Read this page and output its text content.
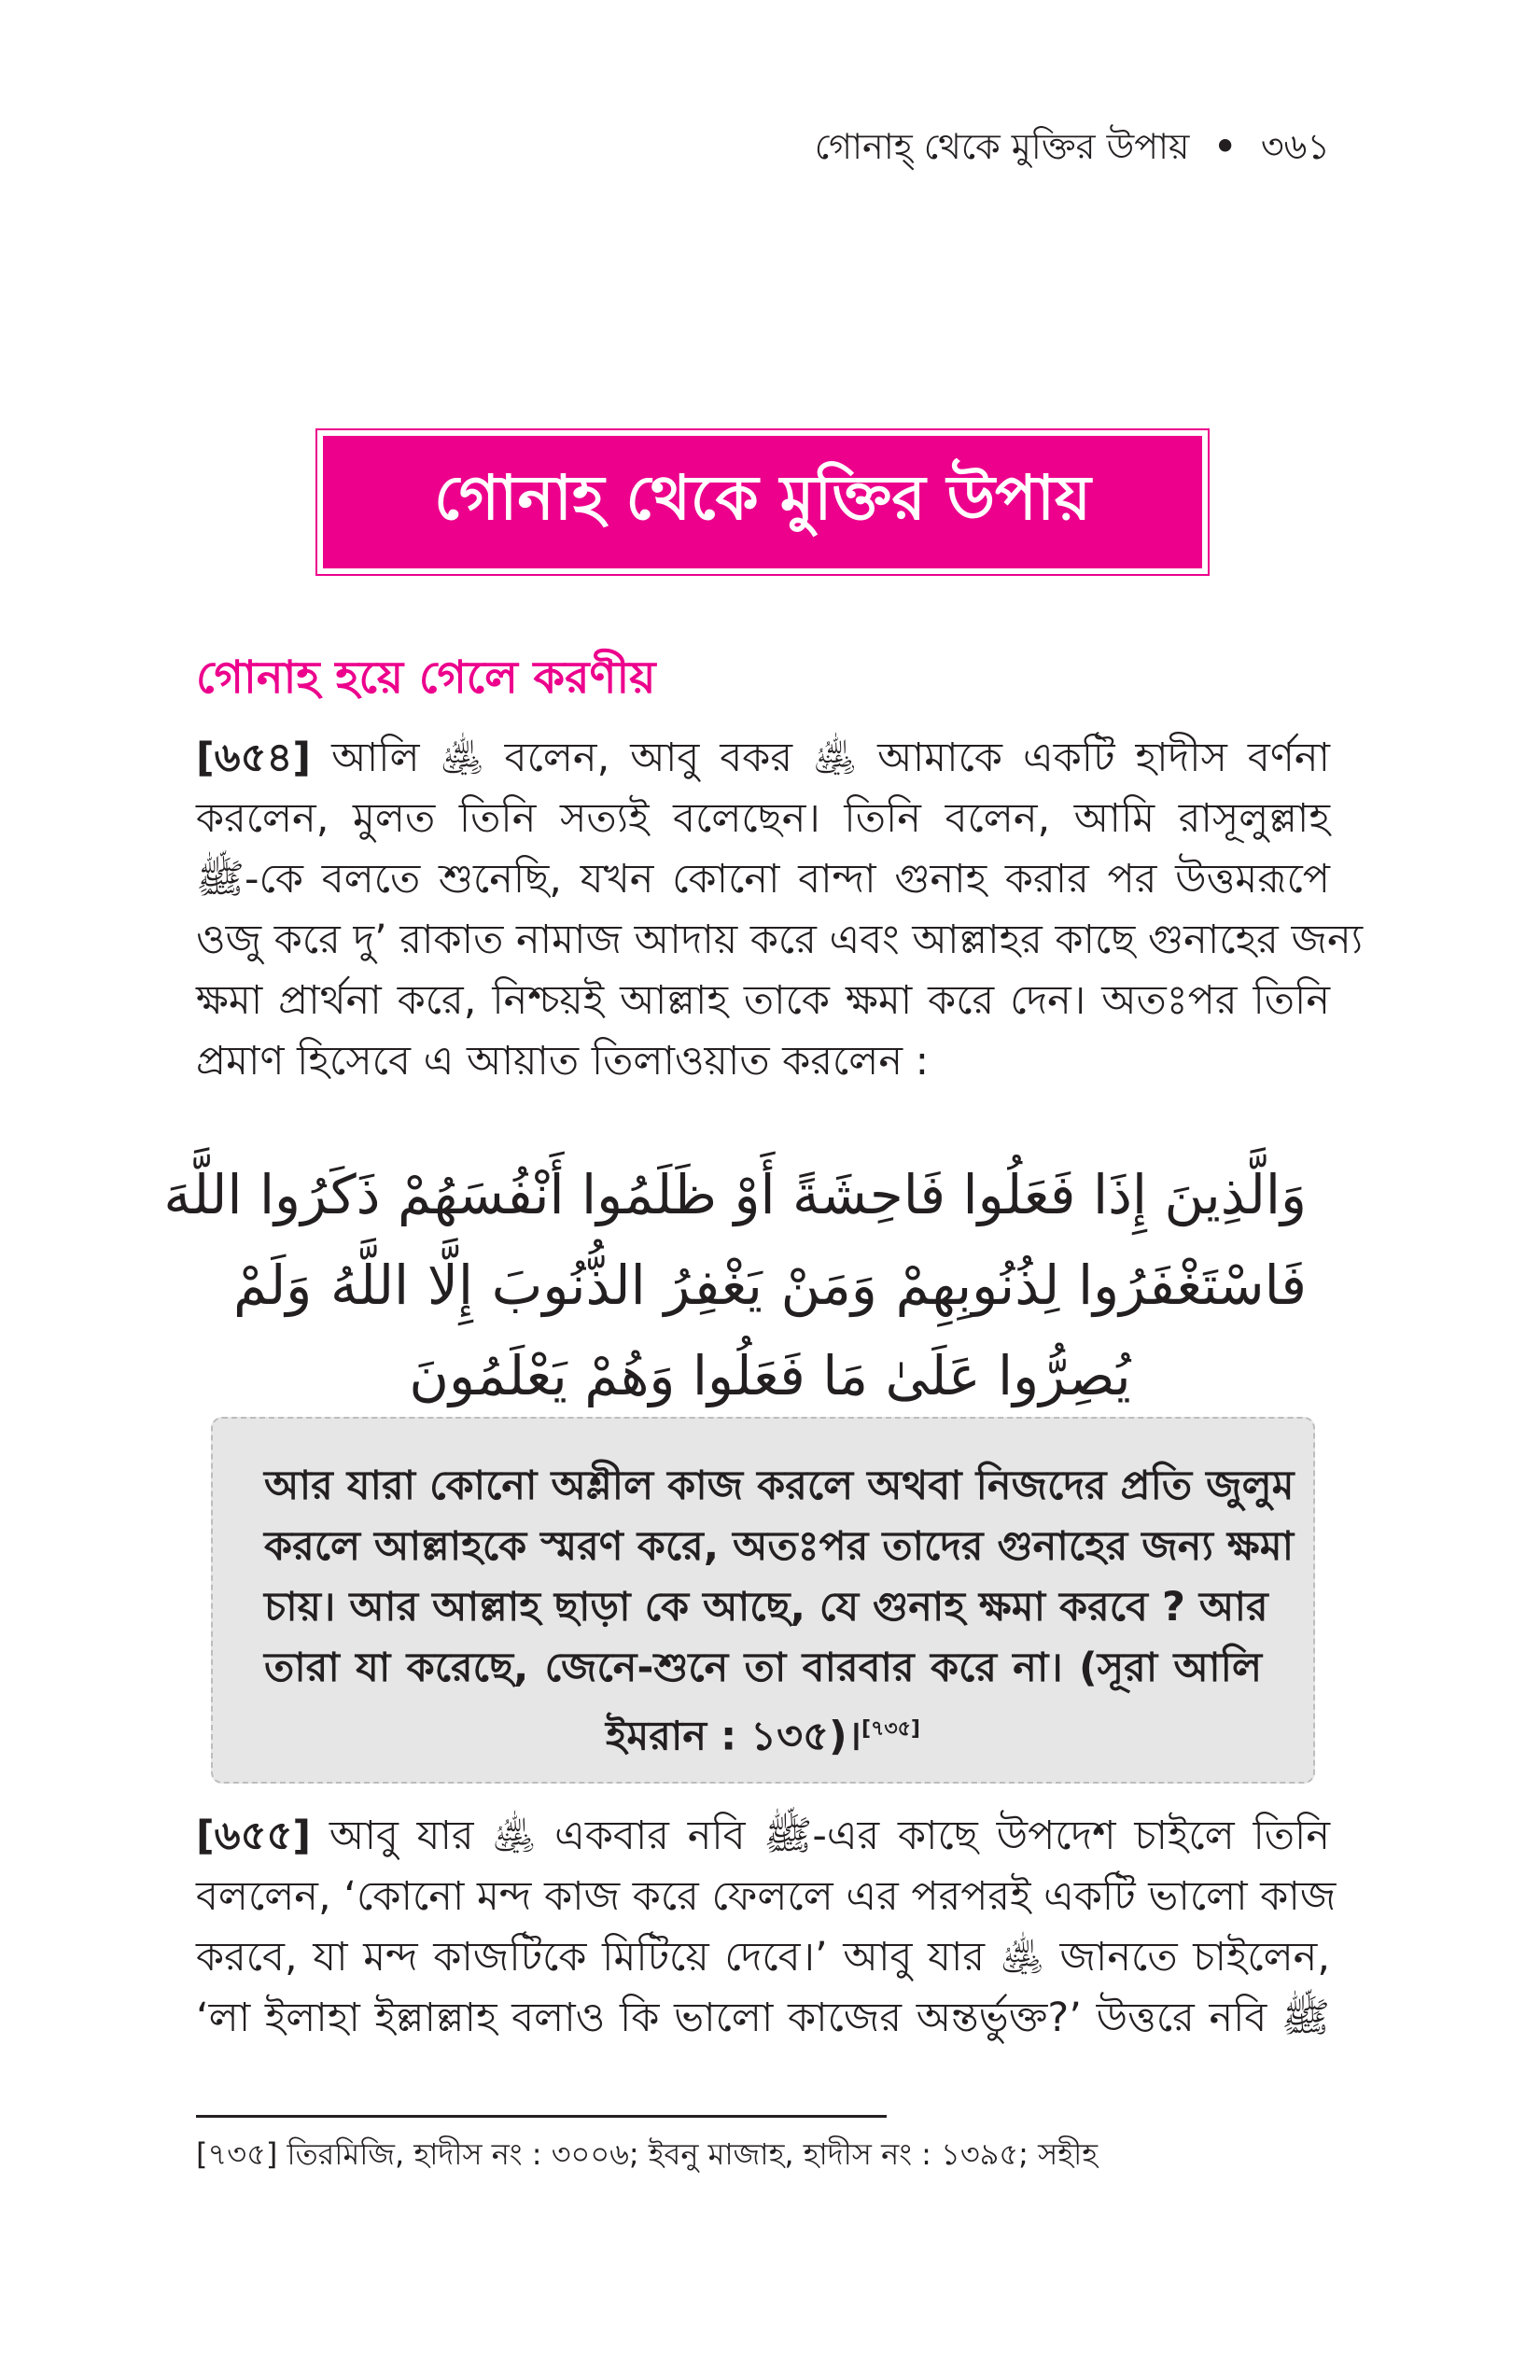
গোনাহ্ থেকে মুক্তির উপায় • ৩৬১
গোনাহ থেকে মুক্তির উপায়
গোনাহ হয়ে গেলে করণীয়
[৬৫৪] আলি ﵁ বলেন, আবু বকর ﵁ আমাকে একটি হাদীস বর্ণনা
করলেন, মুলত তিনি সত্যই বলেছেন। তিনি বলেন, আমি রাসূলুল্লাহ
ﷺ-কে বলতে শুনেছি, যখন কোনো বান্দা গুনাহ করার পর উত্তমরূপে
ওজু করে দু’ রাকাত নামাজ আদায় করে এবং আল্লাহর কাছে গুনাহের জন্য
ক্ষমা প্রার্থনা করে, নিশ্চয়ই আল্লাহ তাকে ক্ষমা করে দেন। অতঃপর তিনি
প্রমাণ হিসেবে এ আয়াত তিলাওয়াত করলেন :
وَالَّذِينَ إِذَا فَعَلُوا فَاحِشَةً أَوْ ظَلَمُوا أَنْفُسَهُمْ ذَكَرُوا اللَّهَ
فَاسْتَغْفَرُوا لِذُنُوبِهِمْ وَمَنْ يَغْفِرُ الذُّنُوبَ إِلَّا اللَّهُ وَلَمْ
يُصِرُّوا عَلَىٰ مَا فَعَلُوا وَهُمْ يَعْلَمُونَ
আর যারা কোনো অশ্লীল কাজ করলে অথবা নিজদের প্রতি জুলুম
করলে আল্লাহকে স্মরণ করে, অতঃপর তাদের গুনাহের জন্য ক্ষমা
চায়। আর আল্লাহ ছাড়া কে আছে, যে গুনাহ ক্ষমা করবে ? আর
তারা যা করেছে, জেনে-শুনে তা বারবার করে না। (সূরা আলি
ইমরান : ১৩৫)।[৭৩৫]
[৬৫৫] আবু যার ﵁ একবার নবি ﷺ-এর কাছে উপদেশ চাইলে তিনি
বললেন, ‘কোনো মন্দ কাজ করে ফেললে এর পরপরই একটি ভালো কাজ
করবে, যা মন্দ কাজটিকে মিটিয়ে দেবে।’ আবু যার ﵁ জানতে চাইলেন,
‘লা ইলাহা ইল্লাল্লাহ বলাও কি ভালো কাজের অন্তর্ভুক্ত?’ উত্তরে নবি ﷺ
[৭৩৫] তিরমিজি, হাদীস নং : ৩০০৬; ইবনু মাজাহ, হাদীস নং : ১৩৯৫; সহীহ
